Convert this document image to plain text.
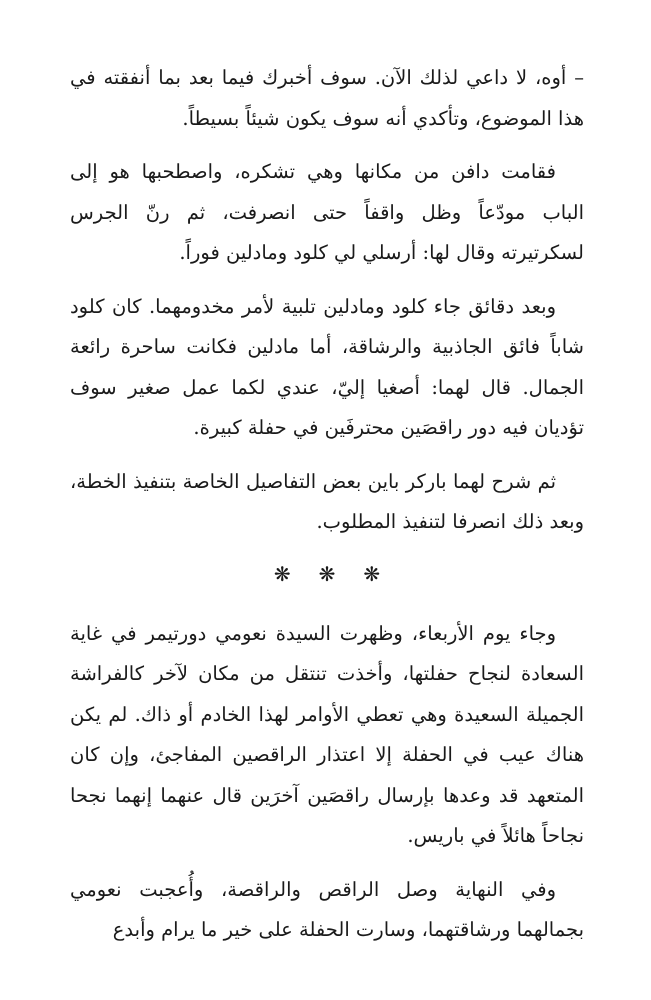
– أوه، لا داعي لذلك الآن. سوف أخبرك فيما بعد بما أنفقته في هذا الموضوع، وتأكدي أنه سوف يكون شيئاً بسيطاً.

فقامت دافن من مكانها وهي تشكره، واصطحبها هو إلى الباب مودّعاً وظل واقفاً حتى انصرفت، ثم رنّ الجرس لسكرتيرته وقال لها: أرسلي لي كلود ومادلين فوراً.

وبعد دقائق جاء كلود ومادلين تلبية لأمر مخدومهما. كان كلود شاباً فائق الجاذبية والرشاقة، أما مادلين فكانت ساحرة رائعة الجمال. قال لهما: أصغيا إليّ، عندي لكما عمل صغير سوف تؤديان فيه دور راقصَين محترفَين في حفلة كبيرة.

ثم شرح لهما باركر باين بعض التفاصيل الخاصة بتنفيذ الخطة، وبعد ذلك انصرفا لتنفيذ المطلوب.

❋ ❋ ❋

وجاء يوم الأربعاء، وظهرت السيدة نعومي دورتيمر في غاية السعادة لنجاح حفلتها، وأخذت تنتقل من مكان لآخر كالفراشة الجميلة السعيدة وهي تعطي الأوامر لهذا الخادم أو ذاك. لم يكن هناك عيب في الحفلة إلا اعتذار الراقصين المفاجئ، وإن كان المتعهد قد وعدها بإرسال راقصَين آخرَين قال عنهما إنهما نجحا نجاحاً هائلاً في باريس.

وفي النهاية وصل الراقص والراقصة، وأُعجبت نعومي بجمالهما ورشاقتهما، وسارت الحفلة على خير ما يرام وأبدع
